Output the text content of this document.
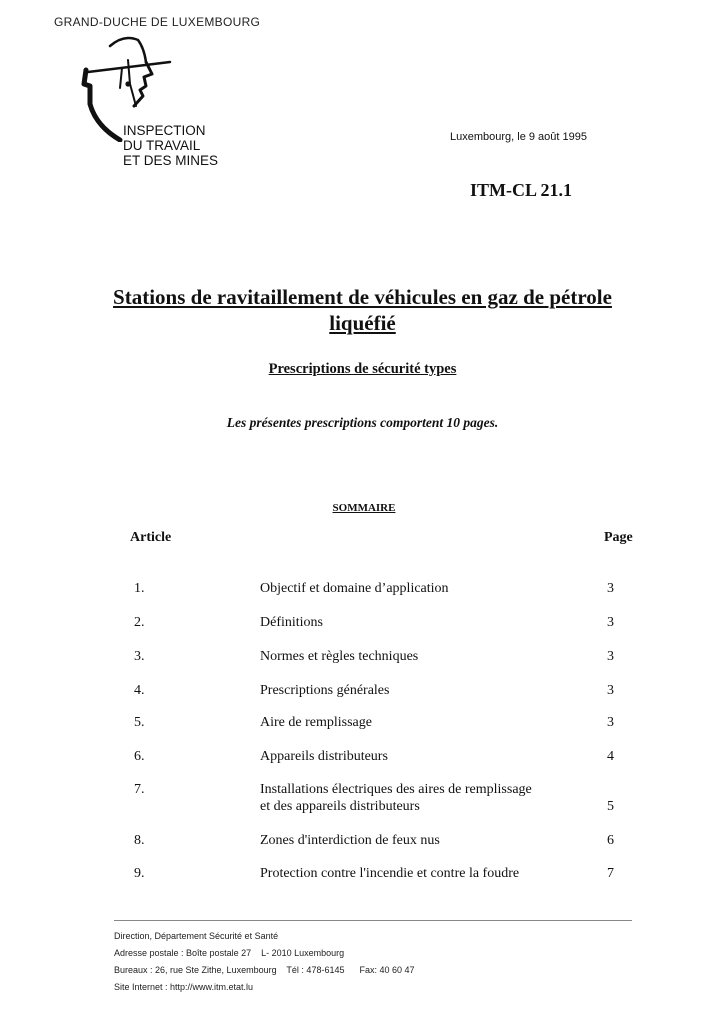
GRAND-DUCHE DE LUXEMBOURG
INSPECTION
DU TRAVAIL
ET DES MINES
Luxembourg, le 9 août 1995
ITM-CL 21.1
Stations de ravitaillement de véhicules en gaz de pétrole
liquéfié
Prescriptions de sécurité types
Les présentes prescriptions comportent 10 pages.
SOMMAIRE
Article	Page
1.	Objectif et domaine d’application	3
2.	Définitions	3
3.	Normes et règles techniques	3
4.	Prescriptions générales	3
5.	Aire de remplissage	3
6.	Appareils distributeurs	4
7.	Installations électriques des aires de remplissage
et des appareils distributeurs	5
8.	Zones d'interdiction de feux nus	6
9.	Protection contre l'incendie et contre la foudre	7
Direction, Département Sécurité et Santé
Adresse postale : Boîte postale 27    L- 2010 Luxembourg
Bureaux : 26, rue Ste Zithe, Luxembourg    Tél : 478-6145      Fax: 40 60 47
Site Internet : http://www.itm.etat.lu
